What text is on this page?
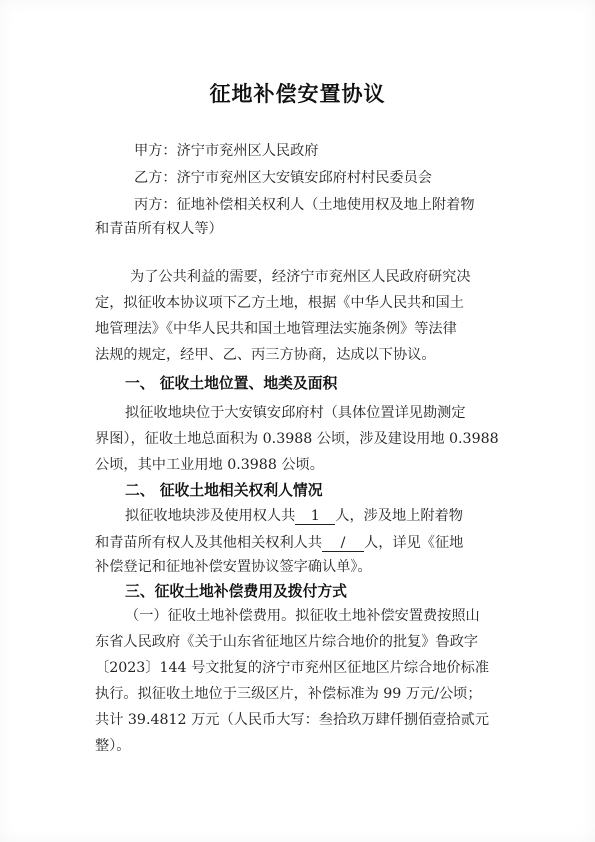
征地补偿安置协议
甲方：济宁市兖州区人民政府
乙方：济宁市兖州区大安镇安邱府村村民委员会
丙方：征地补偿相关权利人（土地使用权及地上附着物
和青苗所有权人等）
为了公共利益的需要，经济宁市兖州区人民政府研究决
定，拟征收本协议项下乙方土地，根据《中华人民共和国土
地管理法》《中华人民共和国土地管理法实施条例》等法律
法规的规定，经甲、乙、丙三方协商，达成以下协议。
一、 征收土地位置、地类及面积
拟征收地块位于大安镇安邱府村（具体位置详见勘测定
界图），征收土地总面积为 0.3988 公顷，涉及建设用地 0.3988
公顷，其中工业用地 0.3988 公顷。
二、 征收土地相关权利人情况
拟征收地块涉及使用权人共 1 人，涉及地上附着物
和青苗所有权人及其他相关权利人共 / 人，详见《征地
补偿登记和征地补偿安置协议签字确认单》。
三、征收土地补偿费用及拨付方式
（一）征收土地补偿费用。拟征收土地补偿安置费按照山
东省人民政府《关于山东省征地区片综合地价的批复》鲁政字
〔2023〕144 号文批复的济宁市兖州区征地区片综合地价标准
执行。拟征收土地位于三级区片，补偿标准为 99 万元/公顷；
共计 39.4812 万元（人民币大写：叁拾玖万肆仟捌佰壹拾贰元
整）。
